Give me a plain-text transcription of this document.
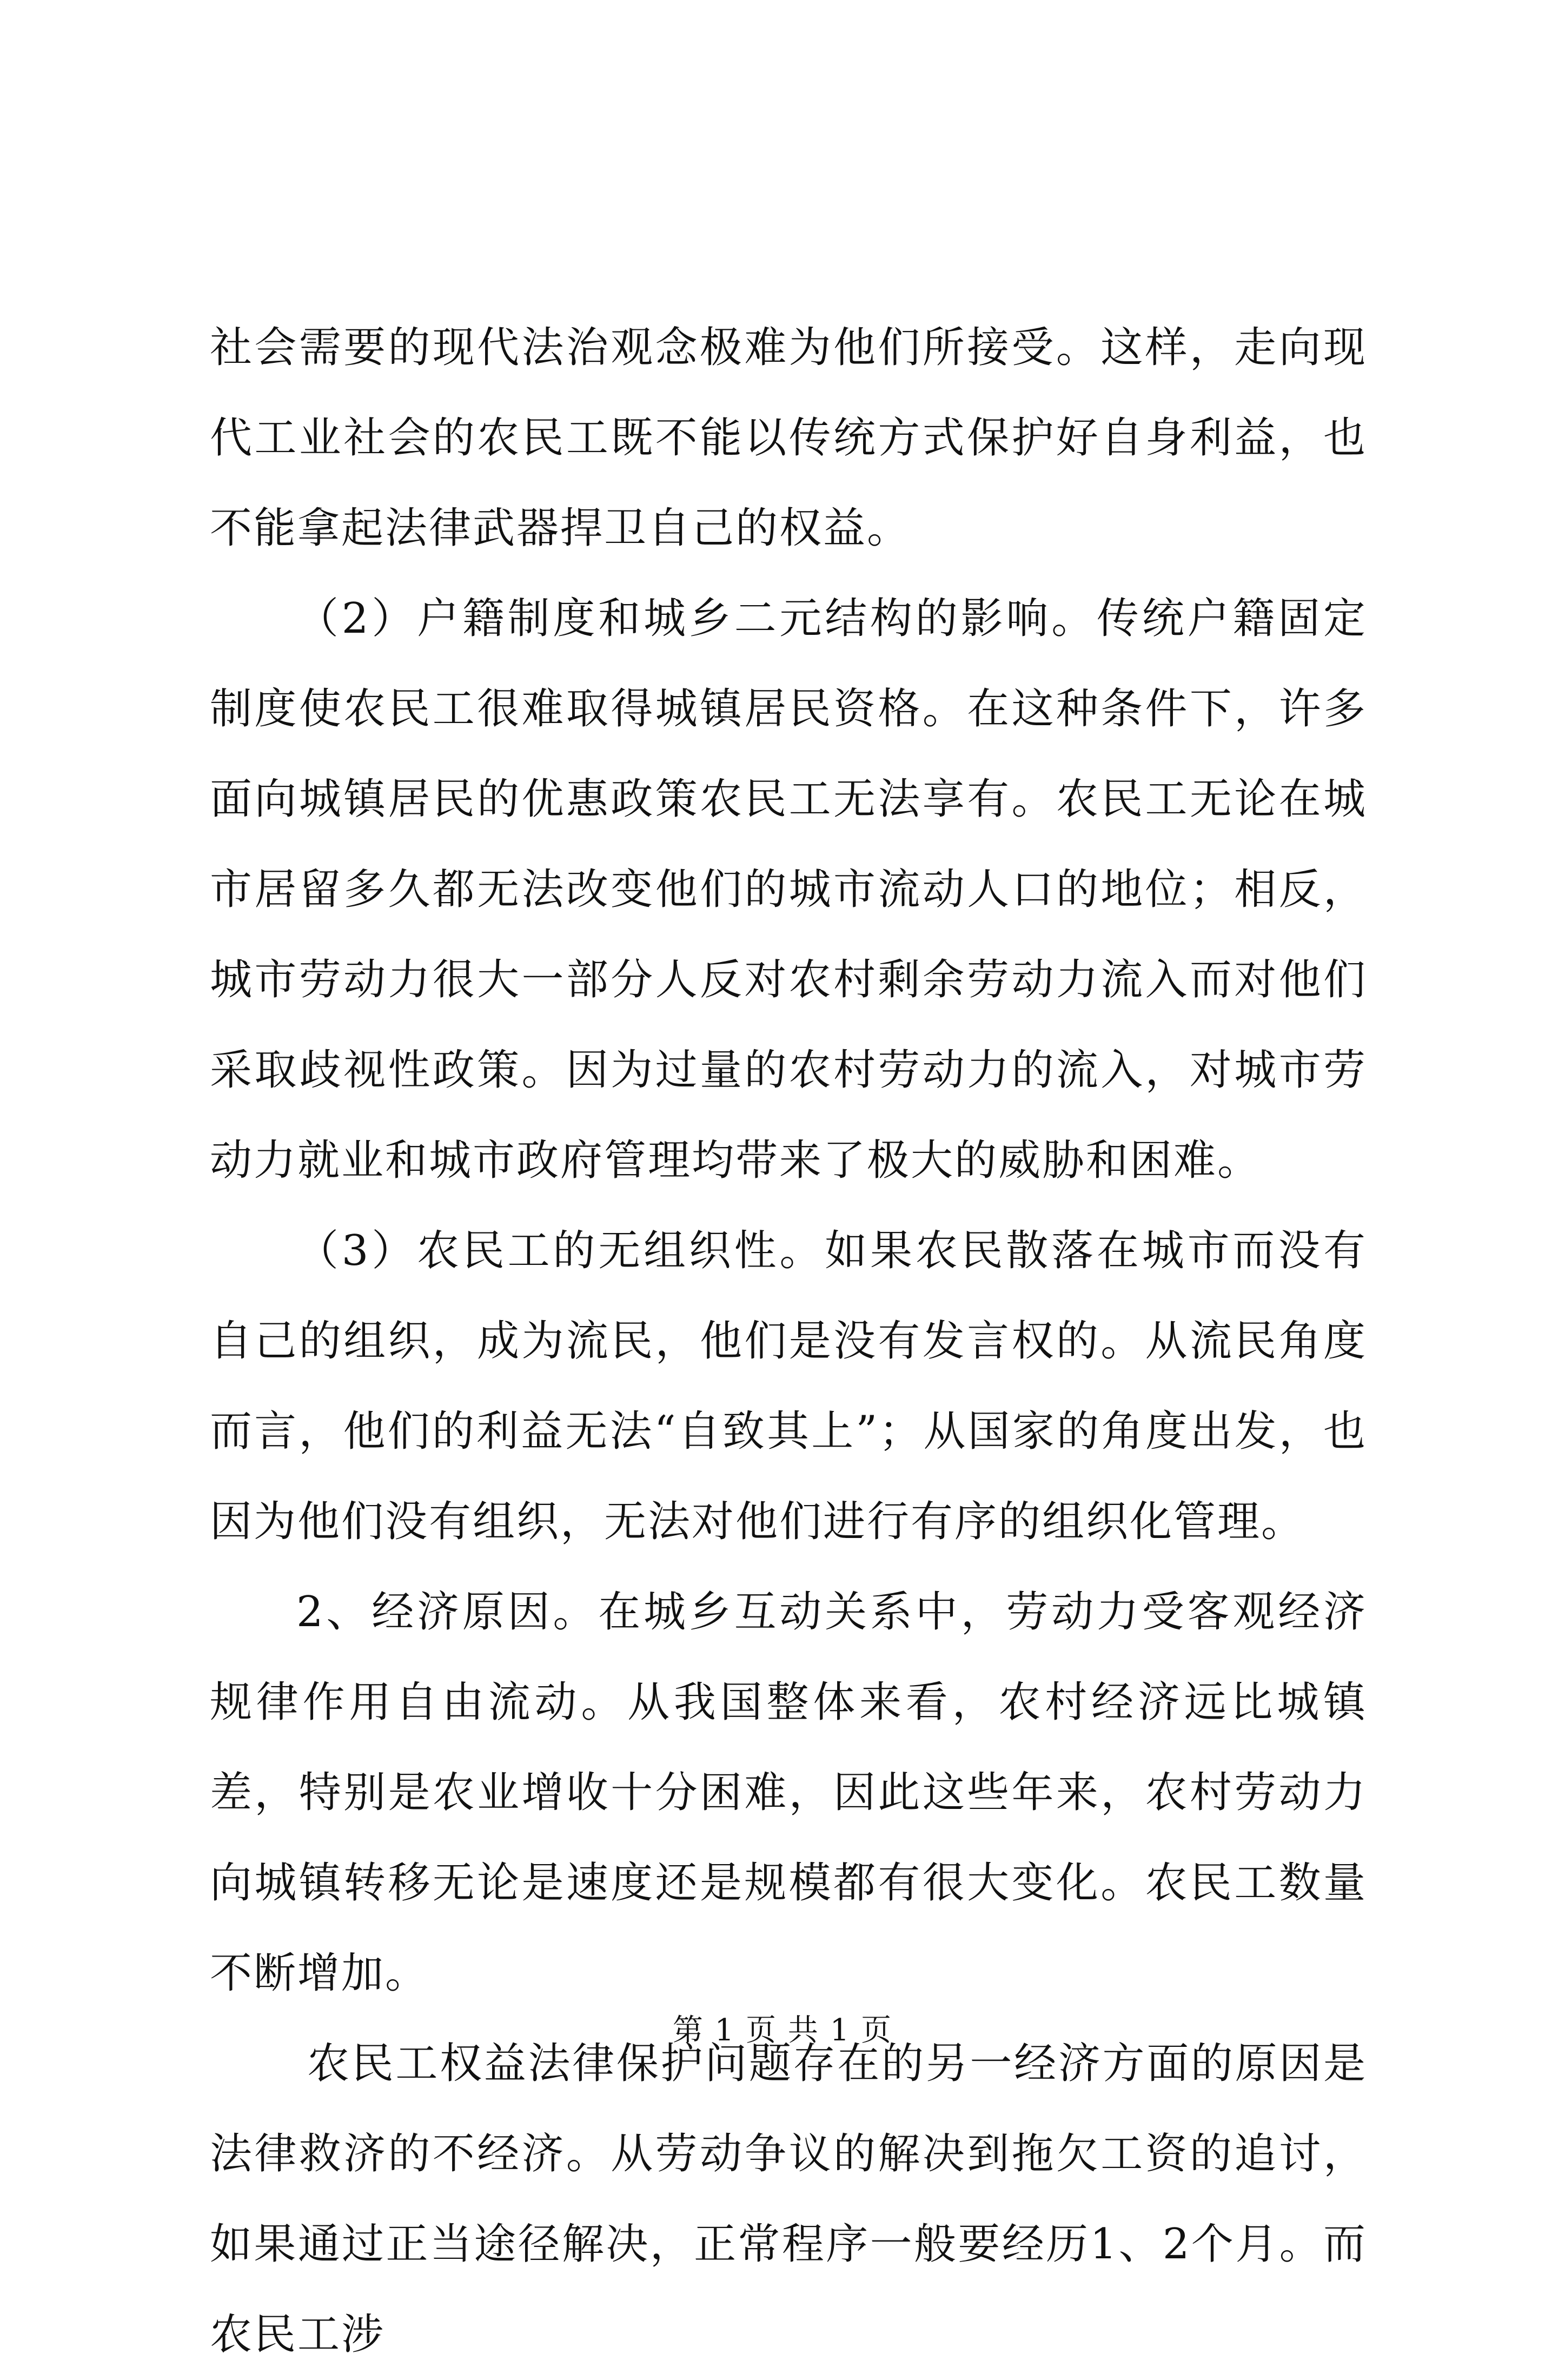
社会需要的现代法治观念极难为他们所接受。这样，走向现代工业社会的农民工既不能以传统方式保护好自身利益，也不能拿起法律武器捍卫自己的权益。

（2）户籍制度和城乡二元结构的影响。传统户籍固定制度使农民工很难取得城镇居民资格。在这种条件下，许多面向城镇居民的优惠政策农民工无法享有。农民工无论在城市居留多久都无法改变他们的城市流动人口的地位；相反，城市劳动力很大一部分人反对农村剩余劳动力流入而对他们采取歧视性政策。因为过量的农村劳动力的流入，对城市劳动力就业和城市政府管理均带来了极大的威胁和困难。

（3）农民工的无组织性。如果农民散落在城市而没有自己的组织，成为流民，他们是没有发言权的。从流民角度而言，他们的利益无法“自致其上”；从国家的角度出发，也因为他们没有组织，无法对他们进行有序的组织化管理。

2、经济原因。在城乡互动关系中，劳动力受客观经济规律作用自由流动。从我国整体来看，农村经济远比城镇差，特别是农业增收十分困难，因此这些年来，农村劳动力向城镇转移无论是速度还是规模都有很大变化。农民工数量不断增加。

农民工权益法律保护问题存在的另一经济方面的原因是法律救济的不经济。从劳动争议的解决到拖欠工资的追讨，如果通过正当途径解决，正常程序一般要经历1、2个月。而农民工涉

第 1 页 共 1 页
